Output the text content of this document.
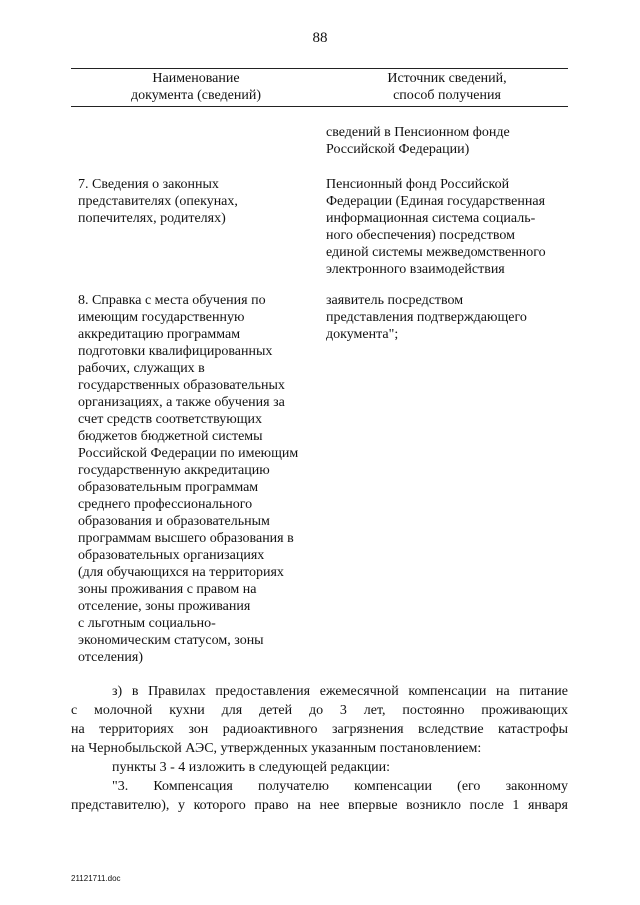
88
Наименование
документа (сведений)
Источник сведений,
способ получения
сведений в Пенсионном фонде
Российской Федерации)
7. Сведения о законных
представителях (опекунах,
попечителях, родителях)
Пенсионный фонд Российской
Федерации (Единая государственная
информационная система социаль-
ного обеспечения) посредством
единой системы межведомственного
электронного взаимодействия
8. Справка с места обучения по
имеющим государственную
аккредитацию программам
подготовки квалифицированных
рабочих, служащих в
государственных образовательных
организациях, а также обучения за
счет средств соответствующих
бюджетов бюджетной системы
Российской Федерации по имеющим
государственную аккредитацию
образовательным программам
среднего профессионального
образования и образовательным
программам высшего образования в
образовательных организациях
(для обучающихся на территориях
зоны проживания с правом на
отселение, зоны проживания
с льготным социально-
экономическим статусом, зоны
отселения)
заявитель посредством
представления подтверждающего
документа";
з) в Правилах предоставления ежемесячной компенсации на питание
с молочной кухни для детей до 3 лет, постоянно проживающих
на территориях зон радиоактивного загрязнения вследствие катастрофы
на Чернобыльской АЭС, утвержденных указанным постановлением:
пункты 3 - 4 изложить в следующей редакции:
"3. Компенсация получателю компенсации (его законному
представителю), у которого право на нее впервые возникло после 1 января
21121711.doc
